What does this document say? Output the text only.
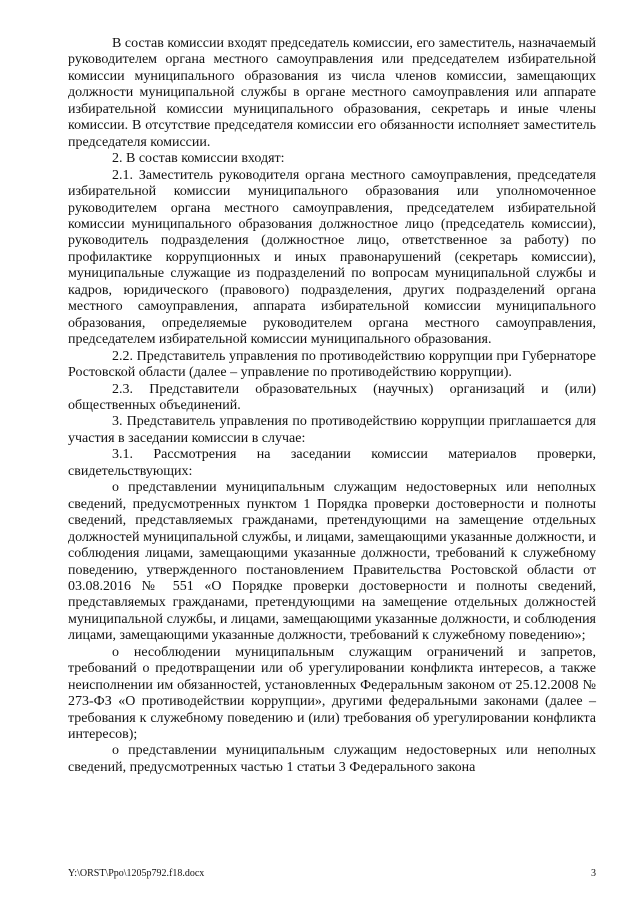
В состав комиссии входят председатель комиссии, его заместитель, назначаемый руководителем органа местного самоуправления или председателем избирательной комиссии муниципального образования из числа членов комиссии, замещающих должности муниципальной службы в органе местного самоуправления или аппарате избирательной комиссии муниципального образования, секретарь и иные члены комиссии. В отсутствие председателя комиссии его обязанности исполняет заместитель председателя комиссии.

2. В состав комиссии входят:

2.1. Заместитель руководителя органа местного самоуправления, председателя избирательной комиссии муниципального образования или уполномоченное руководителем органа местного самоуправления, председателем избирательной комиссии муниципального образования должностное лицо (председатель комиссии), руководитель подразделения (должностное лицо, ответственное за работу) по профилактике коррупционных и иных правонарушений (секретарь комиссии), муниципальные служащие из подразделений по вопросам муниципальной службы и кадров, юридического (правового) подразделения, других подразделений органа местного самоуправления, аппарата избирательной комиссии муниципального образования, определяемые руководителем органа местного самоуправления, председателем избирательной комиссии муниципального образования.

2.2. Представитель управления по противодействию коррупции при Губернаторе Ростовской области (далее – управление по противодействию коррупции).

2.3. Представители образовательных (научных) организаций и (или) общественных объединений.

3. Представитель управления по противодействию коррупции приглашается для участия в заседании комиссии в случае:

3.1. Рассмотрения на заседании комиссии материалов проверки, свидетельствующих:

о представлении муниципальным служащим недостоверных или неполных сведений, предусмотренных пунктом 1 Порядка проверки достоверности и полноты сведений, представляемых гражданами, претендующими на замещение отдельных должностей муниципальной службы, и лицами, замещающими указанные должности, и соблюдения лицами, замещающими указанные должности, требований к служебному поведению, утвержденного постановлением Правительства Ростовской области от 03.08.2016 № 551 «О Порядке проверки достоверности и полноты сведений, представляемых гражданами, претендующими на замещение отдельных должностей муниципальной службы, и лицами, замещающими указанные должности, и соблюдения лицами, замещающими указанные должности, требований к служебному поведению»;

о несоблюдении муниципальным служащим ограничений и запретов, требований о предотвращении или об урегулировании конфликта интересов, а также неисполнении им обязанностей, установленных Федеральным законом от 25.12.2008 № 273-ФЗ «О противодействии коррупции», другими федеральными законами (далее – требования к служебному поведению и (или) требования об урегулировании конфликта интересов);

о представлении муниципальным служащим недостоверных или неполных сведений, предусмотренных частью 1 статьи 3 Федерального закона

Y:\ORST\Ppo\1205p792.f18.docx	3
